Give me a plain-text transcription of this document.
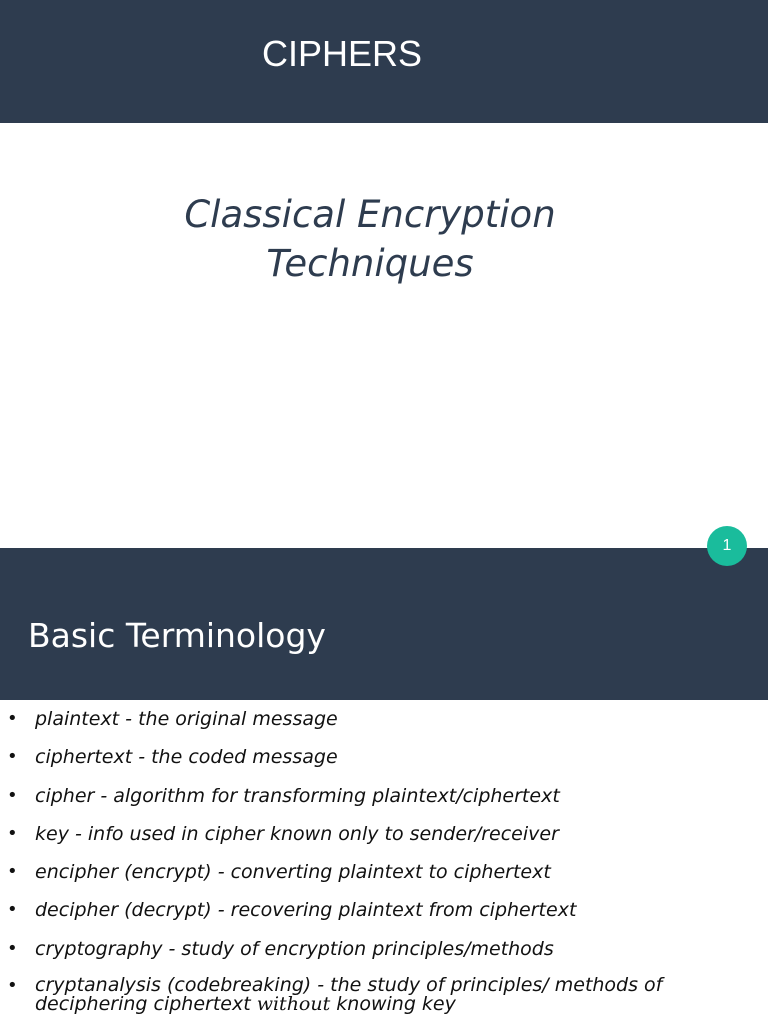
CIPHERS
Classical Encryption
Techniques
1
Basic Terminology
• plaintext - the original message
• ciphertext - the coded message
• cipher - algorithm for transforming plaintext/ciphertext
• key - info used in cipher known only to sender/receiver
• encipher (encrypt) - converting plaintext to ciphertext
• decipher (decrypt) - recovering plaintext from ciphertext
• cryptography - study of encryption principles/methods
• cryptanalysis (codebreaking) - the study of principles/ methods of
deciphering ciphertext without knowing key
